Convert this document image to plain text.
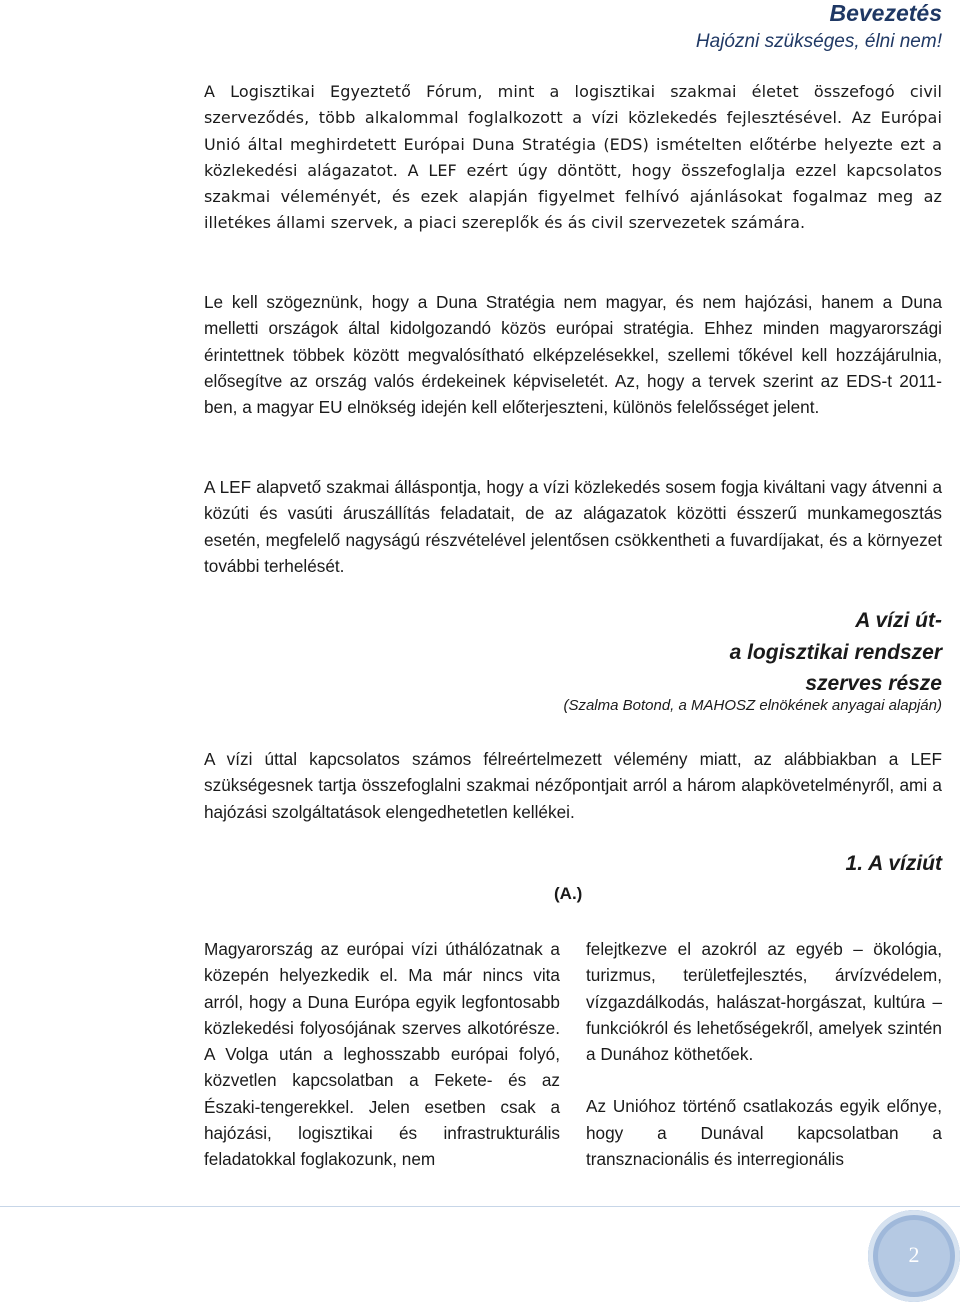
Bevezetés
Hajózni szükséges, élni nem!
A Logisztikai Egyeztető Fórum, mint a logisztikai szakmai életet összefogó civil szerveződés, több alkalommal foglalkozott a vízi közlekedés fejlesztésével. Az Európai Unió által meghirdetett Európai Duna Stratégia (EDS) ismételten előtérbe helyezte ezt a közlekedési alágazatot. A LEF ezért úgy döntött, hogy összefoglalja ezzel kapcsolatos szakmai véleményét, és ezek alapján figyelmet felhívó ajánlásokat fogalmaz meg az illetékes állami szervek, a piaci szereplők és ás civil szervezetek számára.
Le kell szögeznünk, hogy a Duna Stratégia nem magyar, és nem hajózási, hanem a Duna melletti országok által kidolgozandó közös európai stratégia. Ehhez minden magyarországi érintettnek többek között megvalósítható elképzelésekkel, szellemi tőkével kell hozzájárulnia, elősegítve az ország valós érdekeinek képviseletét. Az, hogy a tervek szerint az EDS-t 2011-ben, a magyar EU elnökség idején kell előterjeszteni, különös felelősséget jelent.
A LEF alapvető szakmai álláspontja, hogy a vízi közlekedés sosem fogja kiváltani vagy átvenni a közúti és vasúti áruszállítás feladatait, de az alágazatok közötti ésszerű munkamegosztás esetén, megfelelő nagyságú részvételével jelentősen csökkentheti a fuvardíjakat, és a környezet további terhelését.
A vízi út-
a logisztikai rendszer
szerves része
(Szalma Botond, a MAHOSZ elnökének anyagai alapján)
A vízi úttal kapcsolatos számos félreértelmezett vélemény miatt, az alábbiakban a LEF szükségesnek tartja összefoglalni szakmai nézőpontjait arról a három alapkövetelményről, ami a hajózási szolgáltatások elengedhetetlen kellékei.
1. A víziút
(A.)

Magyarország az európai vízi úthálózatnak a közepén helyezkedik el. Ma már nincs vita arról, hogy a Duna Európa egyik legfontosabb közlekedési folyosójának szerves alkotórésze. A Volga után a leghosszabb európai folyó, közvetlen kapcsolatban a Fekete- és az Északi-tengerekkel. Jelen esetben csak a hajózási, logisztikai és infrastrukturális feladatokkal foglakozunk, nem

felejtkezve el azokról az egyéb – ökológia, turizmus, területfejlesztés, árvízvédelem, vízgazdálkodás, halászat-horgászat, kultúra – funkciókról és lehetőségekről, amelyek szintén a Dunához köthetőek.

Az Unióhoz történő csatlakozás egyik előnye, hogy a Dunával kapcsolatban a transznacionális és interregionális

2
